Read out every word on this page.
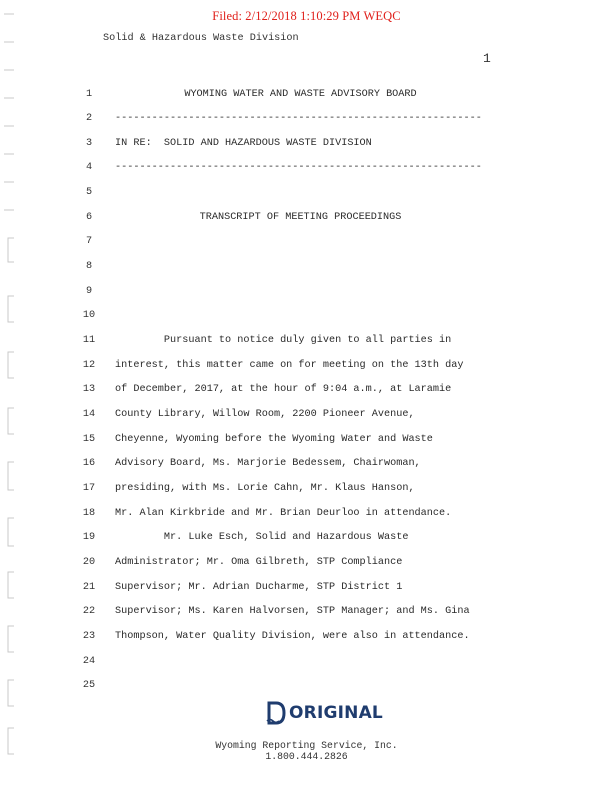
Filed: 2/12/2018 1:10:29 PM WEQC
Solid & Hazardous Waste Division
1
1	WYOMING WATER AND WASTE ADVISORY BOARD
2	------------------------------------------------------------
3	IN RE:  SOLID AND HAZARDOUS WASTE DIVISION
4	------------------------------------------------------------
5
6	TRANSCRIPT OF MEETING PROCEEDINGS
7
8
9
10
11 Pursuant to notice duly given to all parties in
12 interest, this matter came on for meeting on the 13th day
13 of December, 2017, at the hour of 9:04 a.m., at Laramie
14 County Library, Willow Room, 2200 Pioneer Avenue,
15 Cheyenne, Wyoming before the Wyoming Water and Waste
16 Advisory Board, Ms. Marjorie Bedessem, Chairwoman,
17 presiding, with Ms. Lorie Cahn, Mr. Klaus Hanson,
18 Mr. Alan Kirkbride and Mr. Brian Deurloo in attendance.
19 Mr. Luke Esch, Solid and Hazardous Waste
20 Administrator; Mr. Oma Gilbreth, STP Compliance
21 Supervisor; Mr. Adrian Ducharme, STP District 1
22 Supervisor; Ms. Karen Halvorsen, STP Manager; and Ms. Gina
23 Thompson, Water Quality Division, were also in attendance.
24
25
ORIGINAL
Wyoming Reporting Service, Inc.
1.800.444.2826
